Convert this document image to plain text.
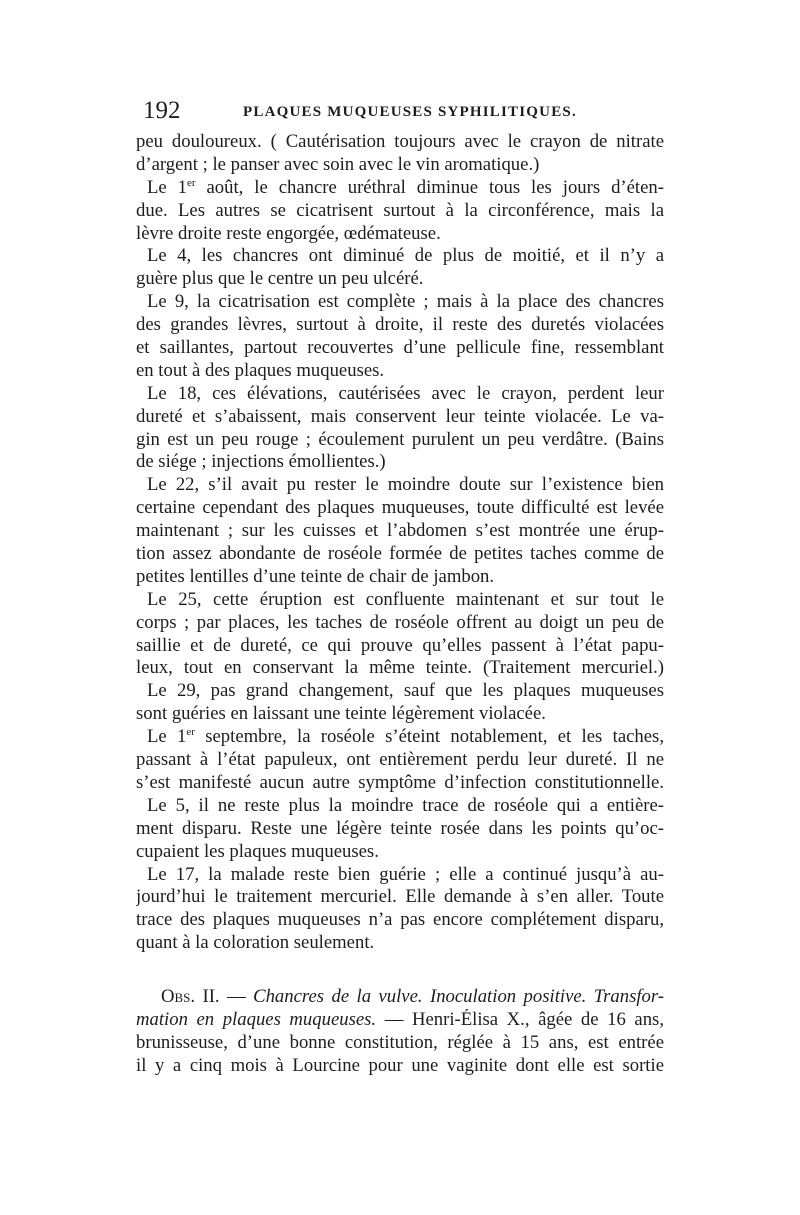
192	PLAQUES MUQUEUSES SYPHILITIQUES.
peu douloureux. ( Cautérisation toujours avec le crayon de nitrate
d’argent ; le panser avec soin avec le vin aromatique.)
Le 1er août, le chancre uréthral diminue tous les jours d’éten-
due. Les autres se cicatrisent surtout à la circonférence, mais la
lèvre droite reste engorgée, œdémateuse.
Le 4, les chancres ont diminué de plus de moitié, et il n’y a
guère plus que le centre un peu ulcéré.
Le 9, la cicatrisation est complète ; mais à la place des chancres
des grandes lèvres, surtout à droite, il reste des duretés violacées
et saillantes, partout recouvertes d’une pellicule fine, ressemblant
en tout à des plaques muqueuses.
Le 18, ces élévations, cautérisées avec le crayon, perdent leur
dureté et s’abaissent, mais conservent leur teinte violacée. Le va-
gin est un peu rouge ; écoulement purulent un peu verdâtre. (Bains
de siége ; injections émollientes.)
Le 22, s’il avait pu rester le moindre doute sur l’existence bien
certaine cependant des plaques muqueuses, toute difficulté est levée
maintenant ; sur les cuisses et l’abdomen s’est montrée une érup-
tion assez abondante de roséole formée de petites taches comme de
petites lentilles d’une teinte de chair de jambon.
Le 25, cette éruption est confluente maintenant et sur tout le
corps ; par places, les taches de roséole offrent au doigt un peu de
saillie et de dureté, ce qui prouve qu’elles passent à l’état papu-
leux, tout en conservant la même teinte. (Traitement mercuriel.)
Le 29, pas grand changement, sauf que les plaques muqueuses
sont guéries en laissant une teinte légèrement violacée.
Le 1er septembre, la roséole s’éteint notablement, et les taches,
passant à l’état papuleux, ont entièrement perdu leur dureté. Il ne
s’est manifesté aucun autre symptôme d’infection constitutionnelle.
Le 5, il ne reste plus la moindre trace de roséole qui a entière-
ment disparu. Reste une légère teinte rosée dans les points qu’oc-
cupaient les plaques muqueuses.
Le 17, la malade reste bien guérie ; elle a continué jusqu’à au-
jourd’hui le traitement mercuriel. Elle demande à s’en aller. Toute
trace des plaques muqueuses n’a pas encore complétement disparu,
quant à la coloration seulement.
Obs. II. — Chancres de la vulve. Inoculation positive. Transfor-
mation en plaques muqueuses. — Henri-Élisa X., âgée de 16 ans,
brunisseuse, d’une bonne constitution, réglée à 15 ans, est entrée
il y a cinq mois à Lourcine pour une vaginite dont elle est sortie
